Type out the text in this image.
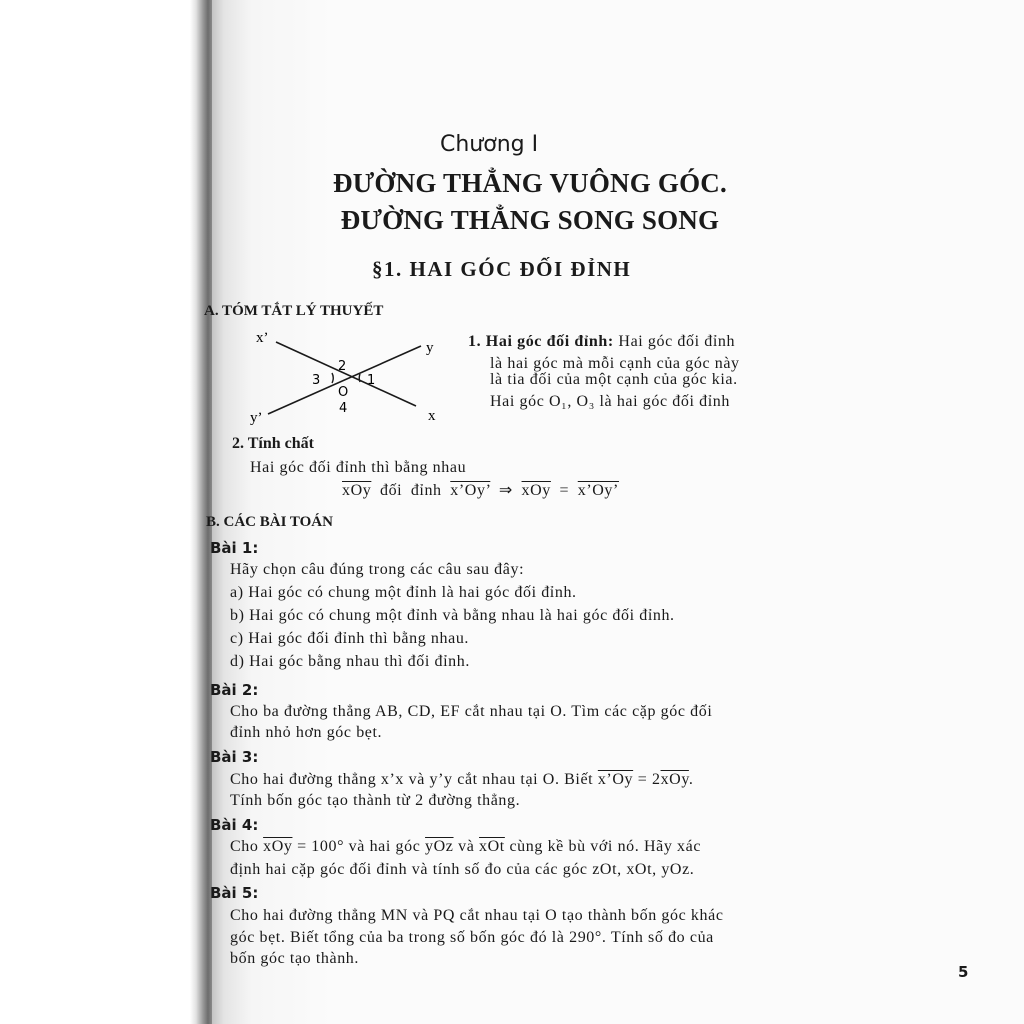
Chương I
ĐƯỜNG THẲNG VUÔNG GÓC.
ĐƯỜNG THẲNG SONG SONG
§1. HAI GÓC ĐỐI ĐỈNH
A. TÓM TẮT LÝ THUYẾT
x’
y
y’	x
O
2
3	1
4
1. Hai góc đối đỉnh: Hai góc đối đỉnh
là hai góc mà mỗi cạnh của góc này
là tia đối của một cạnh của góc kia.
Hai góc O₁, O₃ là hai góc đối đỉnh
2. Tính chất
Hai góc đối đỉnh thì bằng nhau
$\overline{xOy}$ đối đỉnh x’Oy’ ⇒ $\overline{xOy}$ = x’Oy’
B. CÁC BÀI TOÁN
Bài 1:
Hãy chọn câu đúng trong các câu sau đây:
a) Hai góc có chung một đỉnh là hai góc đối đỉnh.
b) Hai góc có chung một đỉnh và bằng nhau là hai góc đối đỉnh.
c) Hai góc đối đỉnh thì bằng nhau.
d) Hai góc bằng nhau thì đối đỉnh.
Bài 2:
Cho ba đường thẳng AB, CD, EF cắt nhau tại O. Tìm các cặp góc đối
đỉnh nhỏ hơn góc bẹt.
Bài 3:
Cho hai đường thẳng x’x và y’y cắt nhau tại O. Biết x’Oy = $2\overline{xOy}$.
Tính bốn góc tạo thành từ 2 đường thẳng.
Bài 4:
Cho $\overline{xOy} = 100^\circ$ và hai góc $\overline{yOz}$ và $\overline{xOt}$ cùng kề bù với nó. Hãy xác
định hai cặp góc đối đỉnh và tính số đo của các góc zOt, xOt, yOz.
Bài 5:
Cho hai đường thẳng MN và PQ cắt nhau tại O tạo thành bốn góc khác
góc bẹt. Biết tổng của ba trong số bốn góc đó là 290°. Tính số đo của
bốn góc tạo thành.
5
